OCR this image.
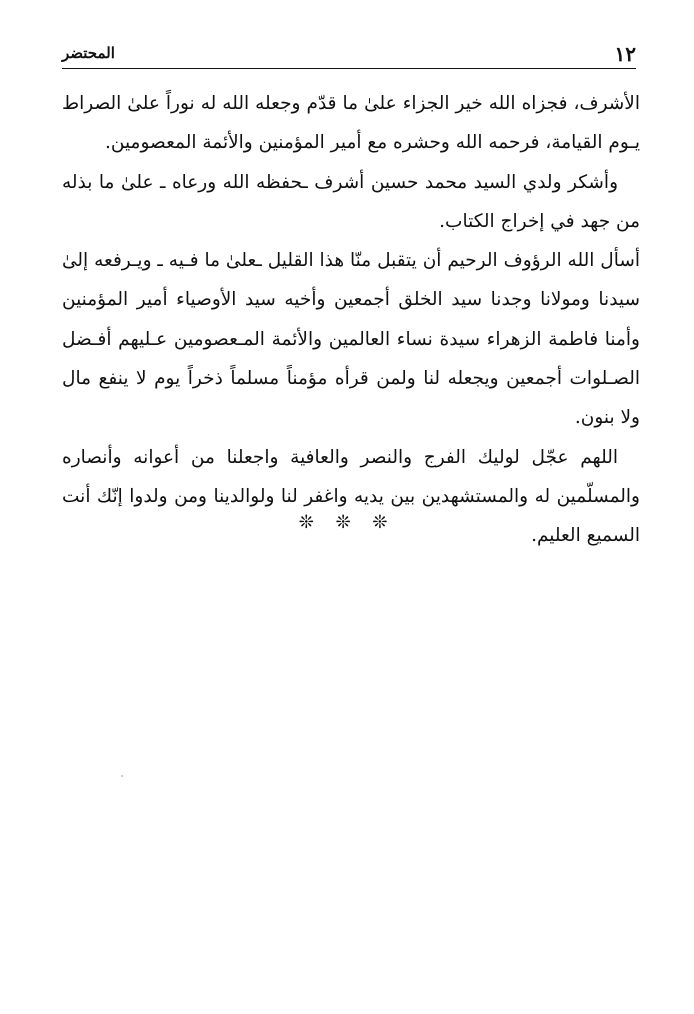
١٢
المحتضر

الأشرف، فجزاه الله خير الجزاء علىٰ ما قدّم وجعله الله له نوراً علىٰ الصراط يـوم القيامة، فرحمه الله وحشره مع أمير المؤمنين والأئمة المعصومين.

وأشكر ولدي السيد محمد حسين أشرف ـحفظه الله ورعاه ـ علىٰ ما بذله من جهد في إخراج الكتاب.

أسأل الله الرؤوف الرحيم أن يتقبل منّا هذا القليل ـعلىٰ ما فـيه ـ ويـرفعه إلىٰ سيدنا ومولانا وجدنا سيد الخلق أجمعين وأخيه سيد الأوصياء أمير المؤمنين وأمنا فاطمة الزهراء سيدة نساء العالمين والأئمة المـعصومين عـليهم أفـضل الصـلوات أجمعين ويجعله لنا ولمن قرأه مؤمناً مسلماً ذخراً يوم لا ينفع مال ولا بنون.

اللهم عجّل لوليك الفرج والنصر والعافية واجعلنا من أعوانه وأنصاره والمسلّمين له والمستشهدين بين يديه واغفر لنا ولوالدينا ومن ولدوا إنّك أنت السميع العليم.

❊ ❊ ❊
